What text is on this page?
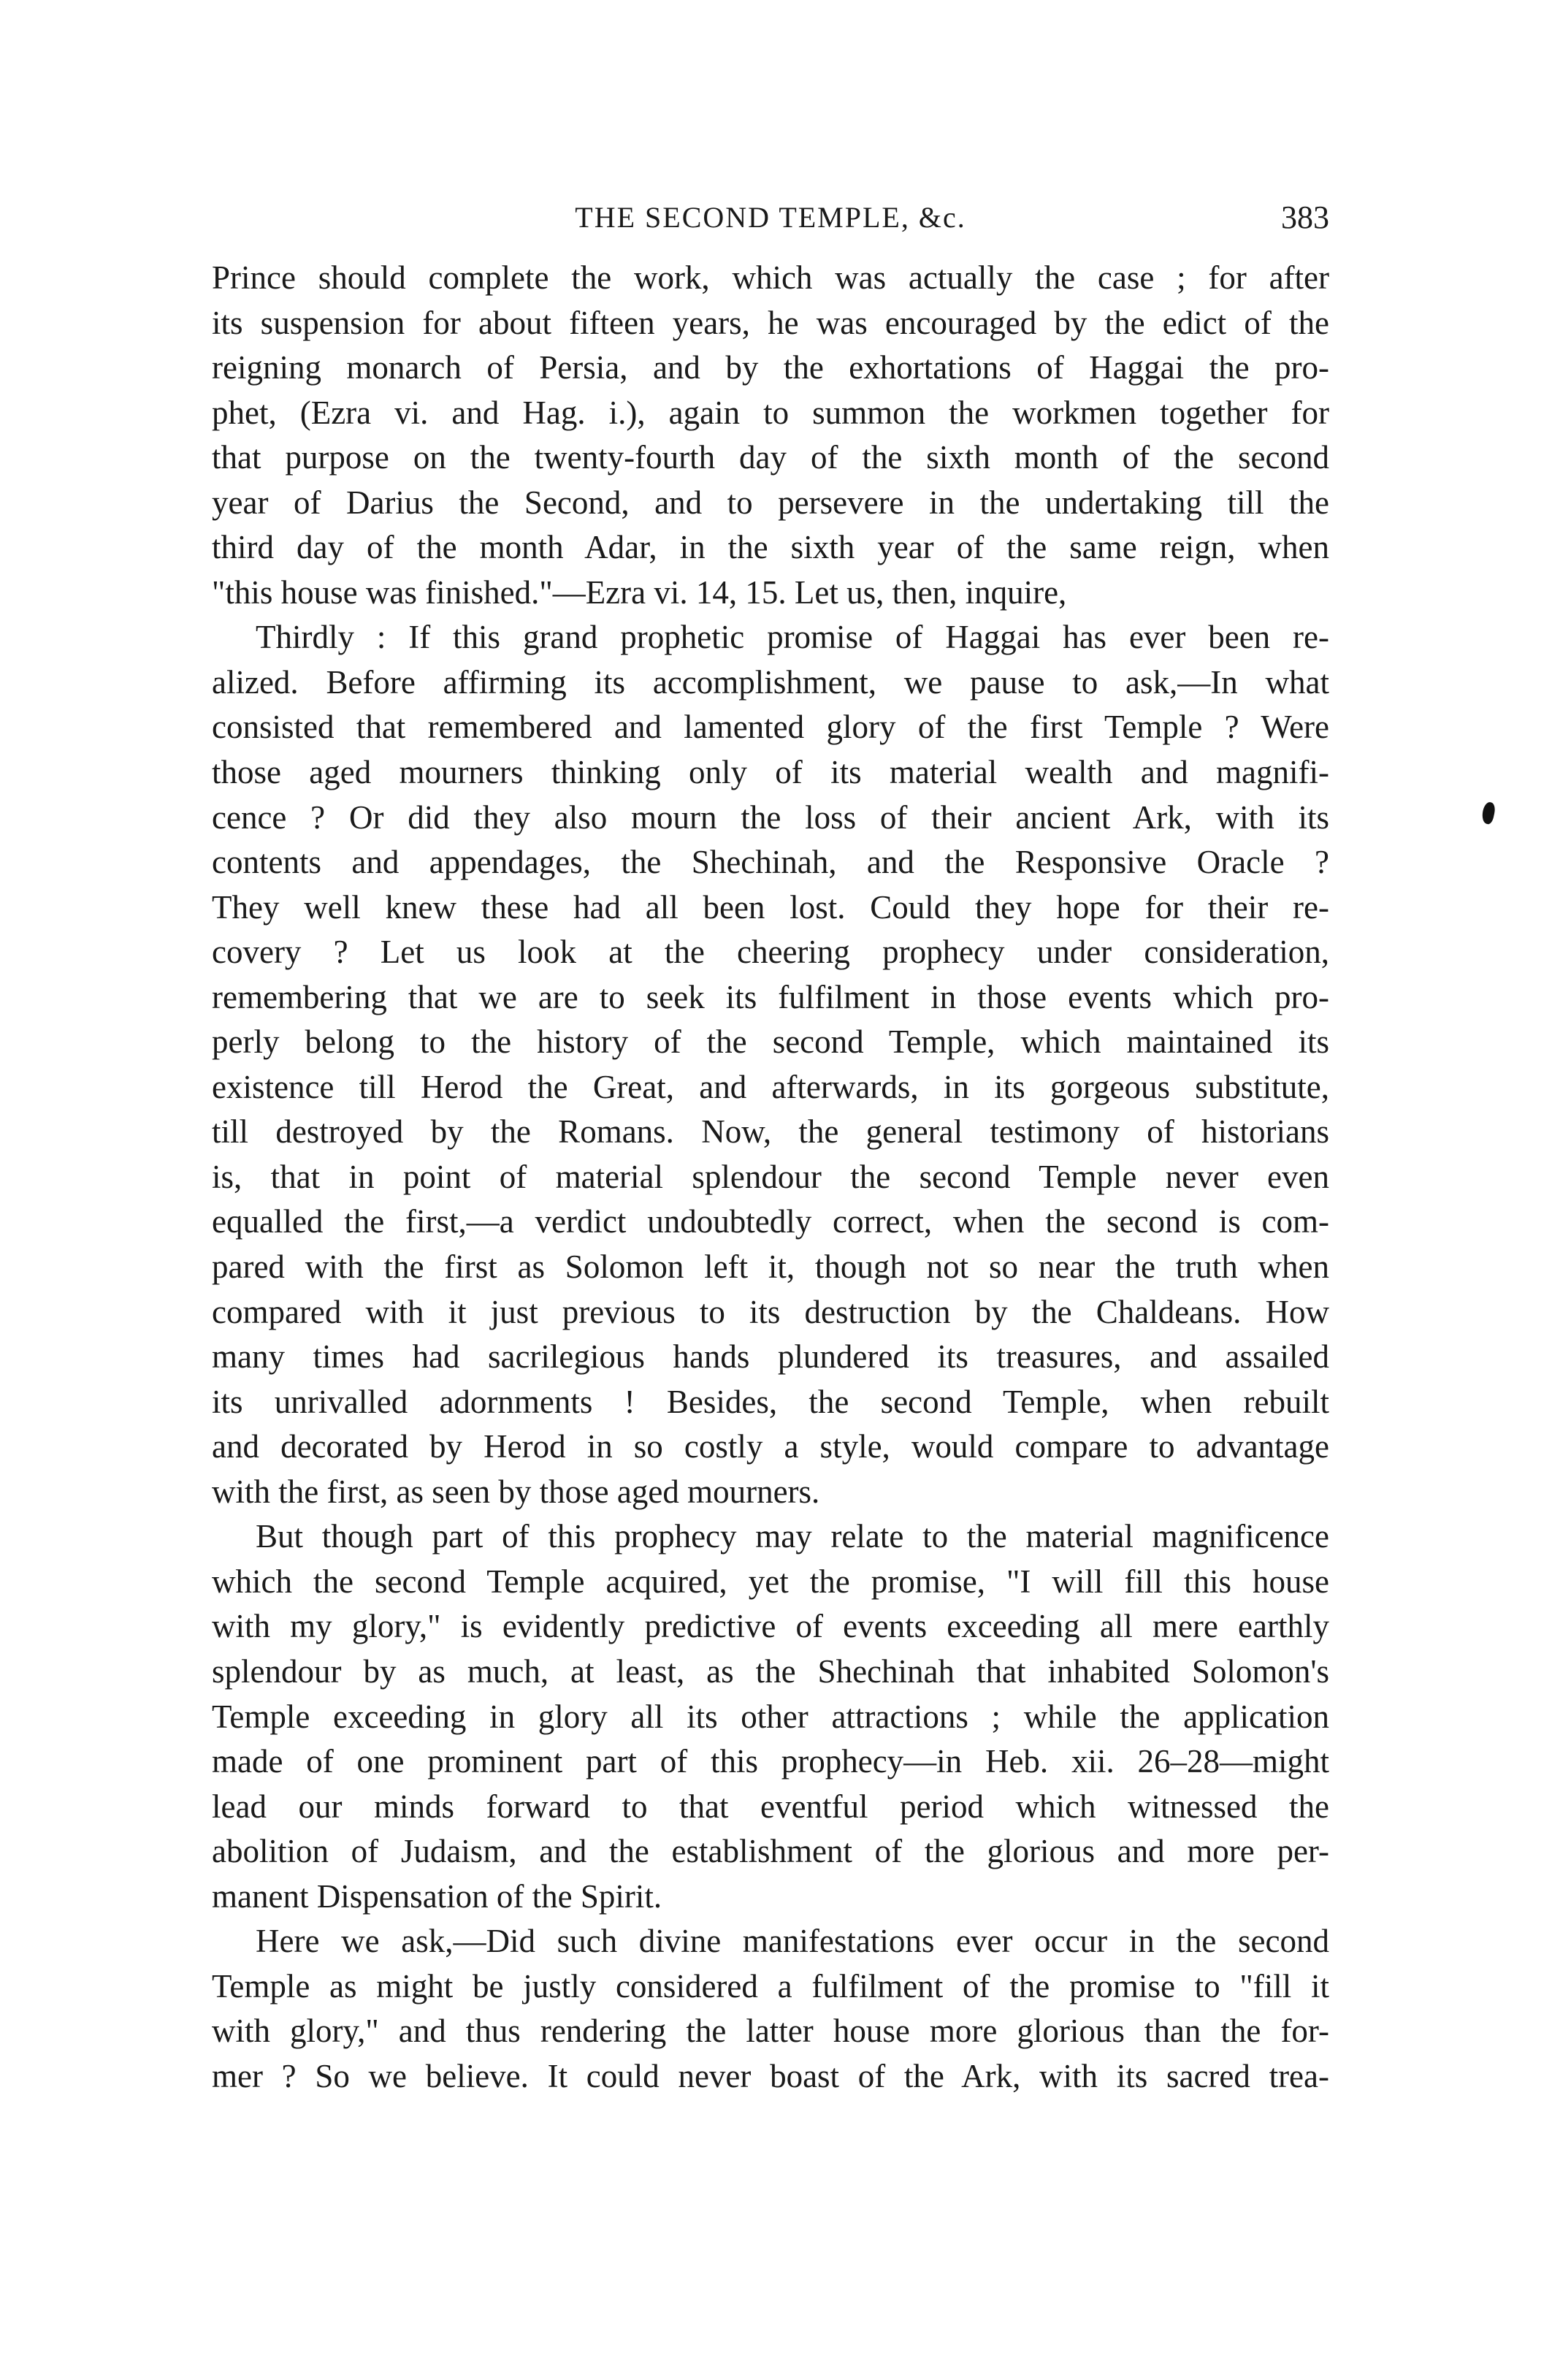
THE SECOND TEMPLE, &c.	383
Prince should complete the work, which was actually the case ; for after
its suspension for about fifteen years, he was encouraged by the edict of the
reigning monarch of Persia, and by the exhortations of Haggai the pro-
phet, (Ezra vi. and Hag. i.), again to summon the workmen together for
that purpose on the twenty-fourth day of the sixth month of the second
year of Darius the Second, and to persevere in the undertaking till the
third day of the month Adar, in the sixth year of the same reign, when
"this house was finished."—Ezra vi. 14, 15. Let us, then, inquire,
Thirdly : If this grand prophetic promise of Haggai has ever been re-
alized. Before affirming its accomplishment, we pause to ask,—In what
consisted that remembered and lamented glory of the first Temple ? Were
those aged mourners thinking only of its material wealth and magnifi-
cence ? Or did they also mourn the loss of their ancient Ark, with its
contents and appendages, the Shechinah, and the Responsive Oracle ?
They well knew these had all been lost. Could they hope for their re-
covery ? Let us look at the cheering prophecy under consideration,
remembering that we are to seek its fulfilment in those events which pro-
perly belong to the history of the second Temple, which maintained its
existence till Herod the Great, and afterwards, in its gorgeous substitute,
till destroyed by the Romans. Now, the general testimony of historians
is, that in point of material splendour the second Temple never even
equalled the first,—a verdict undoubtedly correct, when the second is com-
pared with the first as Solomon left it, though not so near the truth when
compared with it just previous to its destruction by the Chaldeans. How
many times had sacrilegious hands plundered its treasures, and assailed
its unrivalled adornments ! Besides, the second Temple, when rebuilt
and decorated by Herod in so costly a style, would compare to advantage
with the first, as seen by those aged mourners.
But though part of this prophecy may relate to the material magnificence
which the second Temple acquired, yet the promise, "I will fill this house
with my glory," is evidently predictive of events exceeding all mere earthly
splendour by as much, at least, as the Shechinah that inhabited Solomon's
Temple exceeding in glory all its other attractions ; while the application
made of one prominent part of this prophecy—in Heb. xii. 26–28—might
lead our minds forward to that eventful period which witnessed the
abolition of Judaism, and the establishment of the glorious and more per-
manent Dispensation of the Spirit.
Here we ask,—Did such divine manifestations ever occur in the second
Temple as might be justly considered a fulfilment of the promise to "fill it
with glory," and thus rendering the latter house more glorious than the for-
mer ? So we believe. It could never boast of the Ark, with its sacred trea-
